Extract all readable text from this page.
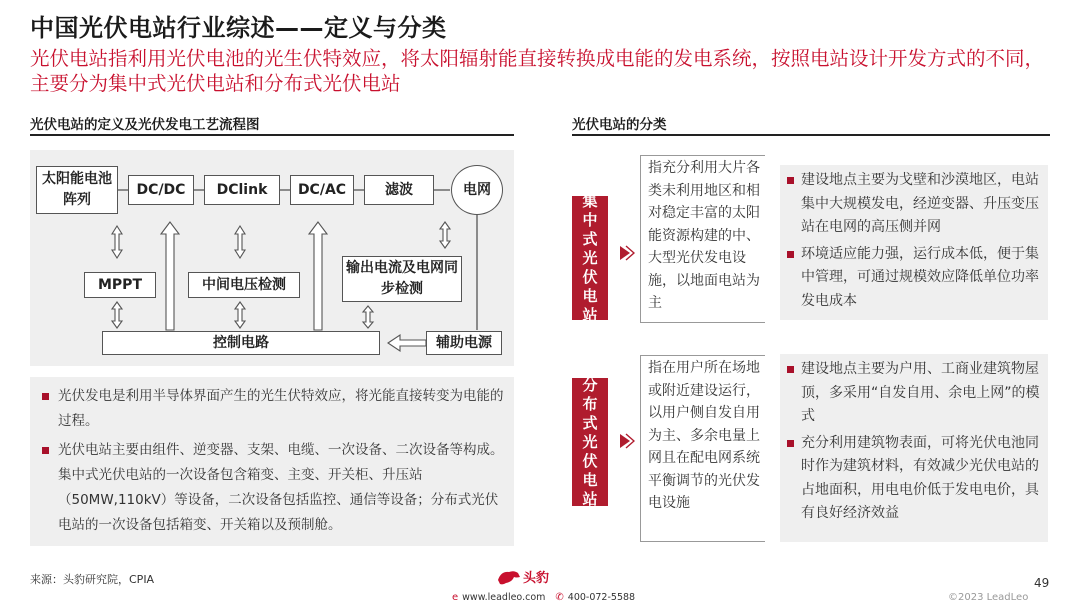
中国光伏电站行业综述——定义与分类
光伏电站指利用光伏电池的光生伏特效应，将太阳辐射能直接转换成电能的发电系统，按照电站设计开发方式的不同，主要分为集中式光伏电站和分布式光伏电站
光伏电站的定义及光伏发电工艺流程图
太阳能电池阵列
DC/DC	DClink	DC/AC	滤波	电网
MPPT	中间电压检测
输出电流及电网同步检测
控制电路	辅助电源
光伏发电是利用半导体界面产生的光生伏特效应，将光能直接转变为电能的过程。
光伏电站主要由组件、逆变器、支架、电缆、一次设备、二次设备等构成。集中式光伏电站的一次设备包含箱变、主变、开关柜、升压站（50MW,110kV）等设备，二次设备包括监控、通信等设备；分布式光伏电站的一次设备包括箱变、开关箱以及预制舱。
光伏电站的分类
集中式光伏电站
指充分利用大片各类未利用地区和相对稳定丰富的太阳能资源构建的中、大型光伏发电设施，以地面电站为主
建设地点主要为戈壁和沙漠地区，电站集中大规模发电，经逆变器、升压变压站在电网的高压侧并网
环境适应能力强，运行成本低，便于集中管理，可通过规模效应降低单位功率发电成本
分布式光伏电站
指在用户所在场地或附近建设运行，以用户侧自发自用为主、多余电量上网且在配电网系统平衡调节的光伏发电设施
建设地点主要为户用、工商业建筑物屋顶，多采用“自发自用、余电上网”的模式
充分利用建筑物表面，可将光伏电池同时作为建筑材料，有效减少光伏电站的占地面积，用电电价低于发电电价，具有良好经济效益
来源：头豹研究院，CPIA	头豹
e www.leadleo.com ✆ 400-072-5588
49
©2023 LeadLeo
